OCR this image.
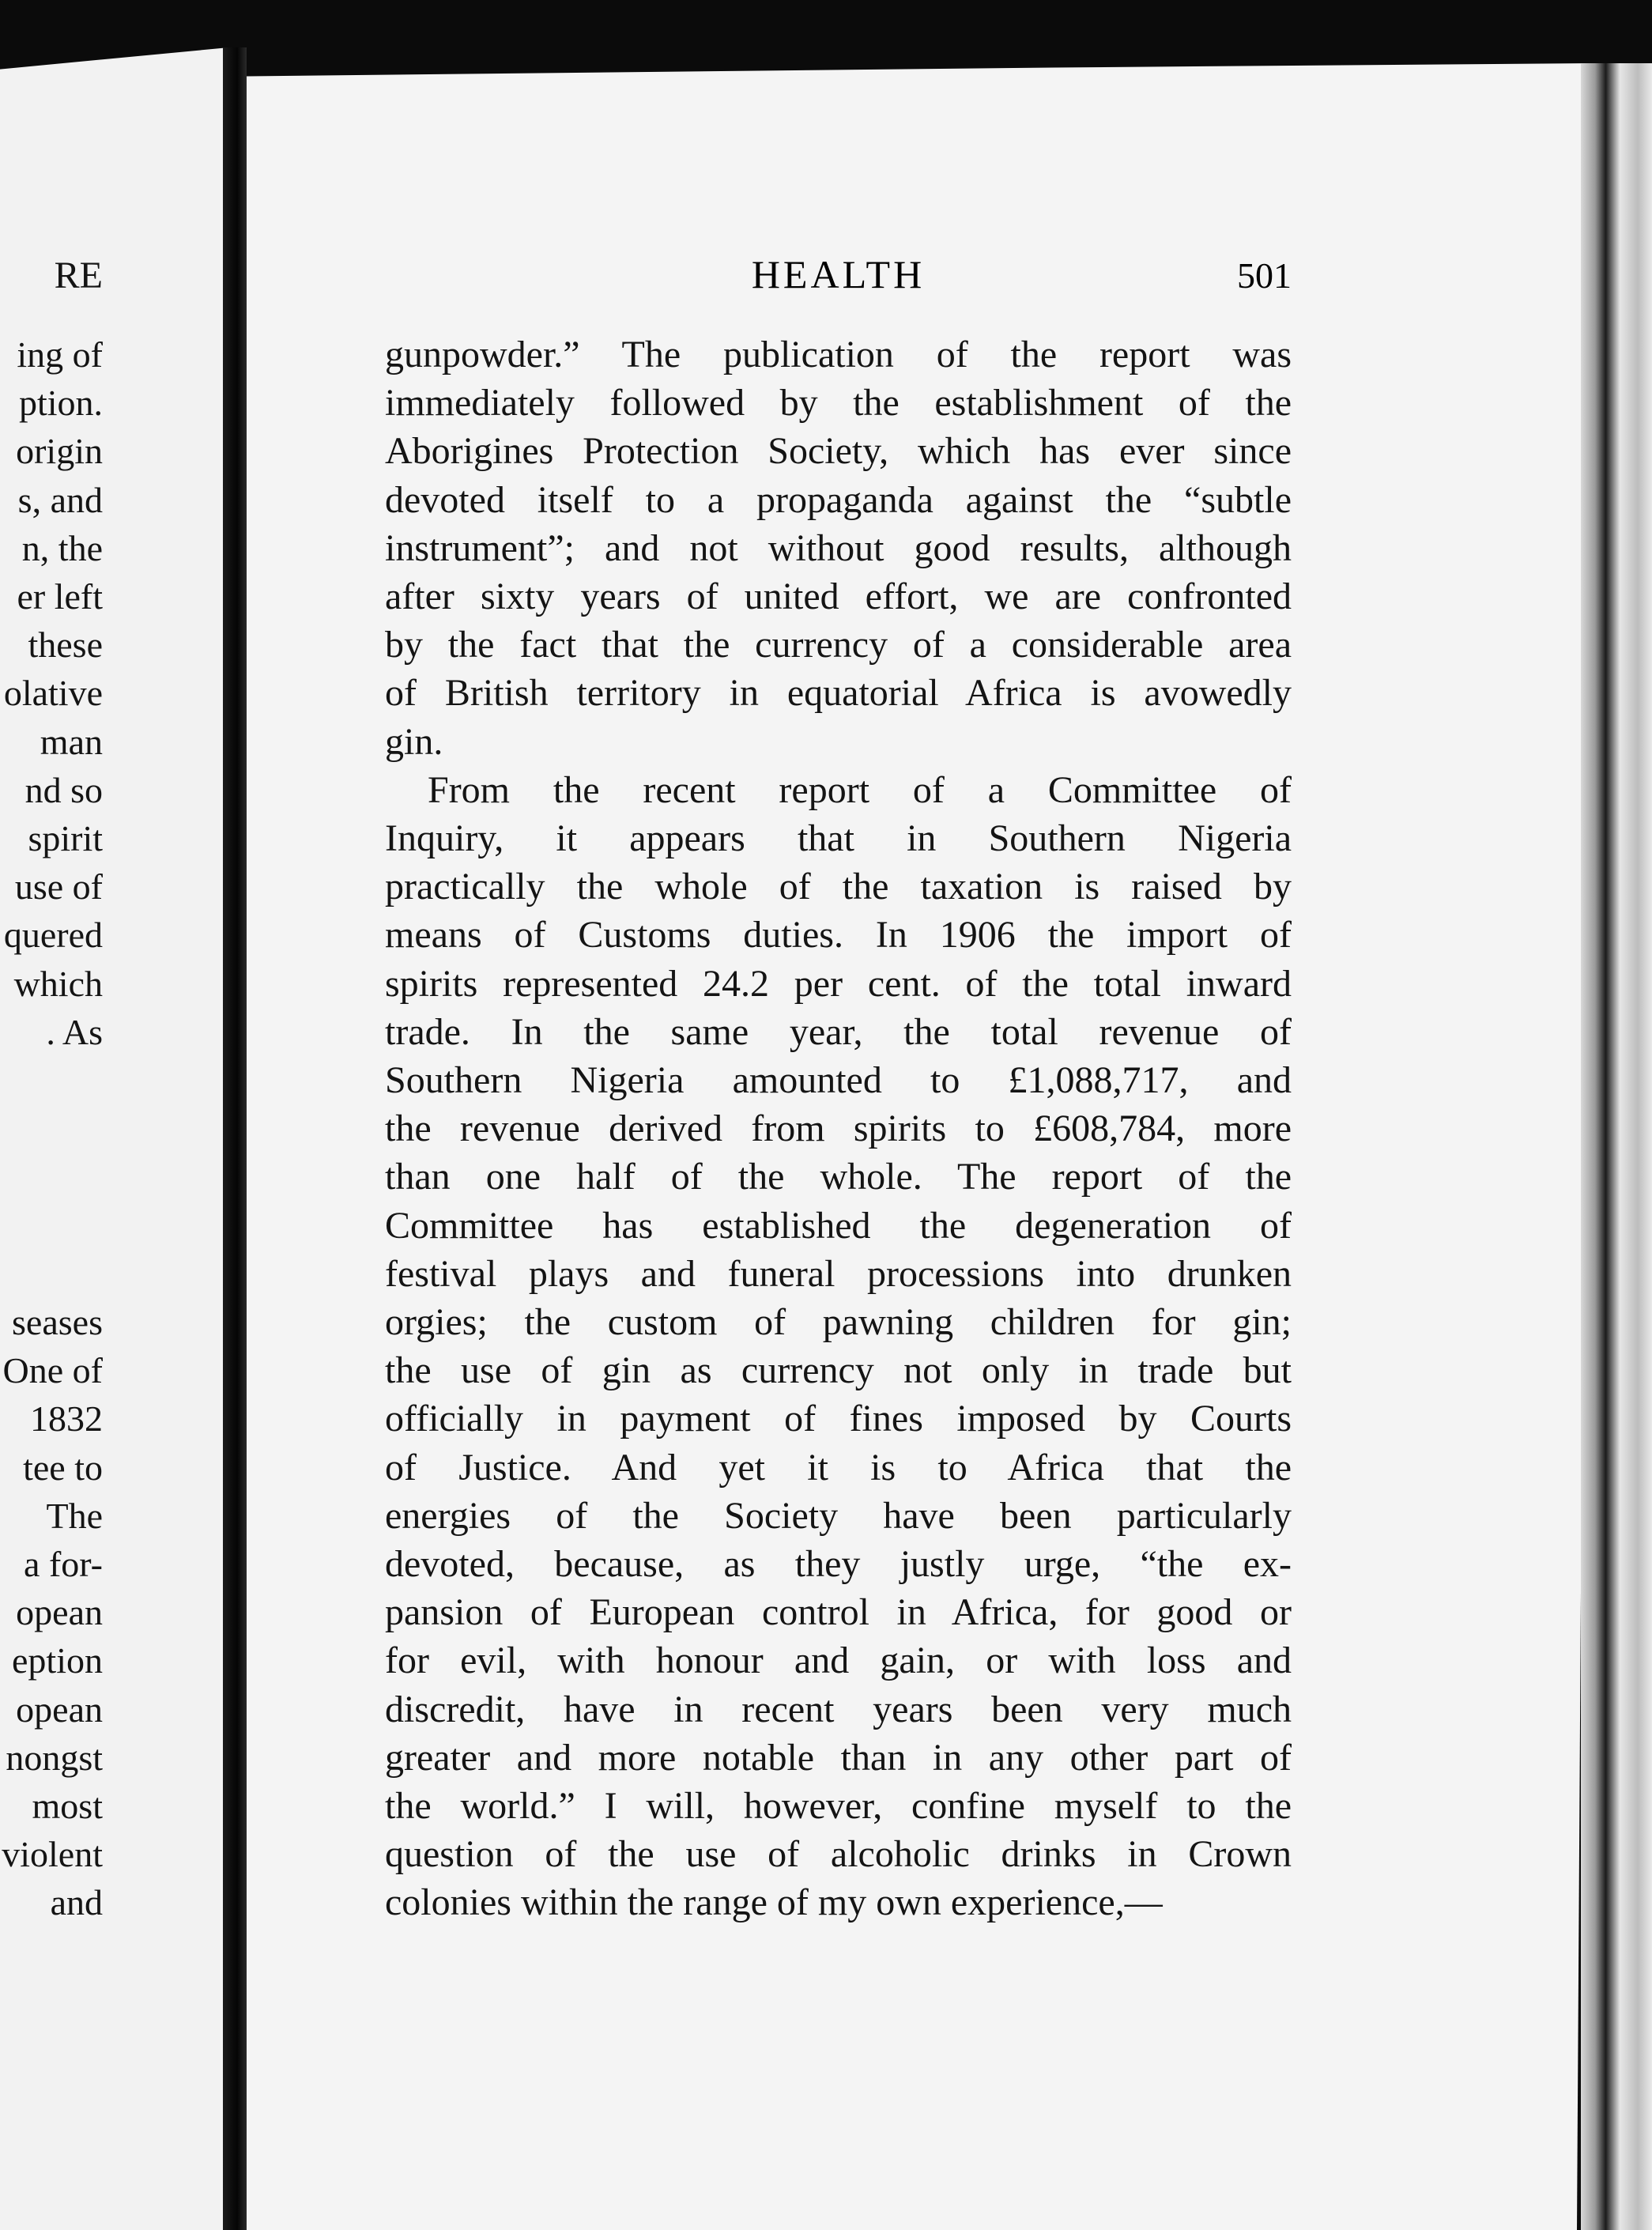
RE
ing of
ption.
origin
s, and
n, the
er left
these
olative
man
nd so
spirit
use of
quered
which
. As
seases
One of
1832
tee to
The
a for-
opean
eption
opean
nongst
most
violent
and
HEALTH	501
gunpowder.” The publication of the report was
immediately followed by the establishment of the
Aborigines Protection Society, which has ever since
devoted itself to a propaganda against the “subtle
instrument”; and not without good results, although
after sixty years of united effort, we are confronted
by the fact that the currency of a considerable area
of British territory in equatorial Africa is avowedly
gin.
From the recent report of a Committee of
Inquiry, it appears that in Southern Nigeria
practically the whole of the taxation is raised by
means of Customs duties. In 1906 the import of
spirits represented 24.2 per cent. of the total inward
trade. In the same year, the total revenue of
Southern Nigeria amounted to £1,088,717, and
the revenue derived from spirits to £608,784, more
than one half of the whole. The report of the
Committee has established the degeneration of
festival plays and funeral processions into drunken
orgies; the custom of pawning children for gin;
the use of gin as currency not only in trade but
officially in payment of fines imposed by Courts
of Justice. And yet it is to Africa that the
energies of the Society have been particularly
devoted, because, as they justly urge, “the ex-
pansion of European control in Africa, for good or
for evil, with honour and gain, or with loss and
discredit, have in recent years been very much
greater and more notable than in any other part of
the world.” I will, however, confine myself to the
question of the use of alcoholic drinks in Crown
colonies within the range of my own experience,—
